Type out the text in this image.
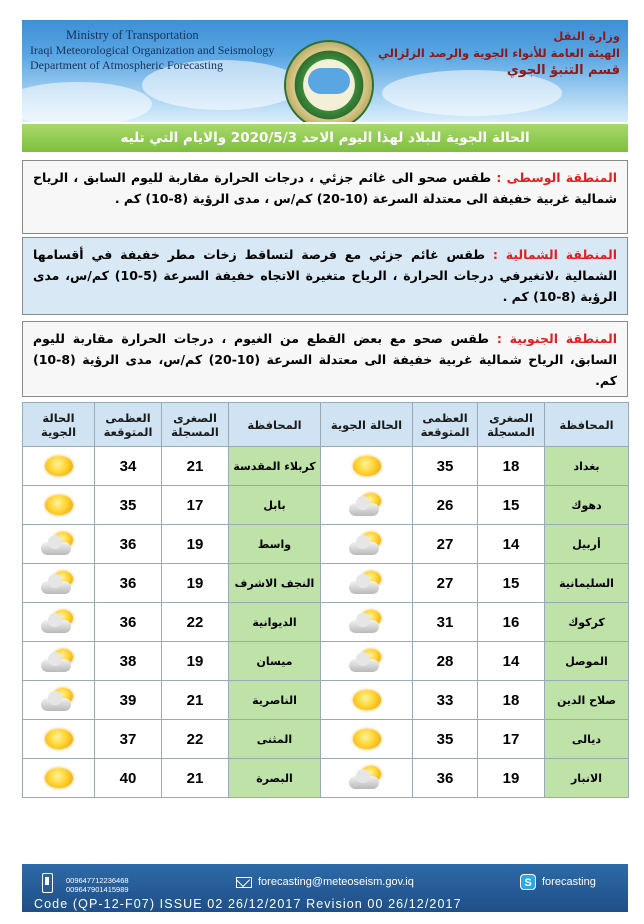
Ministry of Transportation
Iraqi Meteorological Organization and Seismology
Department of Atmospheric Forecasting
وزارة النقل
الهيئة العامة للأنواء الجوية والرصد الزلزالي
قسم التنبؤ الجوي
الحالة الجوية للبلاد لهذا اليوم الاحد 2020/5/3 والايام التي تليه
المنطقة الوسطى : طقس صحو الى غائم جزئي ، درجات الحرارة مقاربة لليوم السابق ، الرياح شمالية غربية خفيفة الى معتدلة السرعة (10-20) كم/س ، مدى الرؤية (8-10) كم .
المنطقة الشمالية : طقس غائم جزئي مع فرصة لتساقط زخات مطر خفيفة في أقسامها الشمالية ،لاتغيرفي درجات الحرارة ، الرياح متغيرة الاتجاه خفيفة السرعة (5-10) كم/س، مدى الرؤية (8-10) كم .
المنطقة الجنوبية : طقس صحو مع بعض القطع من الغيوم ، درجات الحرارة مقاربة لليوم السابق، الرياح شمالية غربية خفيفة الى معتدلة السرعة (10-20) كم/س، مدى الرؤية (8-10) كم.
الحالة الجوية	العظمى المتوقعة	الصغرى المسجلة	المحافظة	الحالة الجوية	العظمى المتوقعة	الصغرى المسجلة	المحافظة

	34	21	كربلاء المقدسة		35	18	بغداد

	35	17	بابل		26	15	دهوك

	36	19	واسط		27	14	أربيل

	36	19	النجف الاشرف		27	15	السليمانية

	36	22	الديوانية		31	16	كركوك

	38	19	ميسان		28	14	الموصل

	39	21	الناصرية		33	18	صلاح الدين

	37	22	المثنى		35	17	ديالى

	40	21	البصرة		36	19	الانبار
009647712236468
009647901415989
forecasting@meteoseism.gov.iq	S forecasting
Code (QP-12-F07) ISSUE 02 26/12/2017 Revision 00 26/12/2017
